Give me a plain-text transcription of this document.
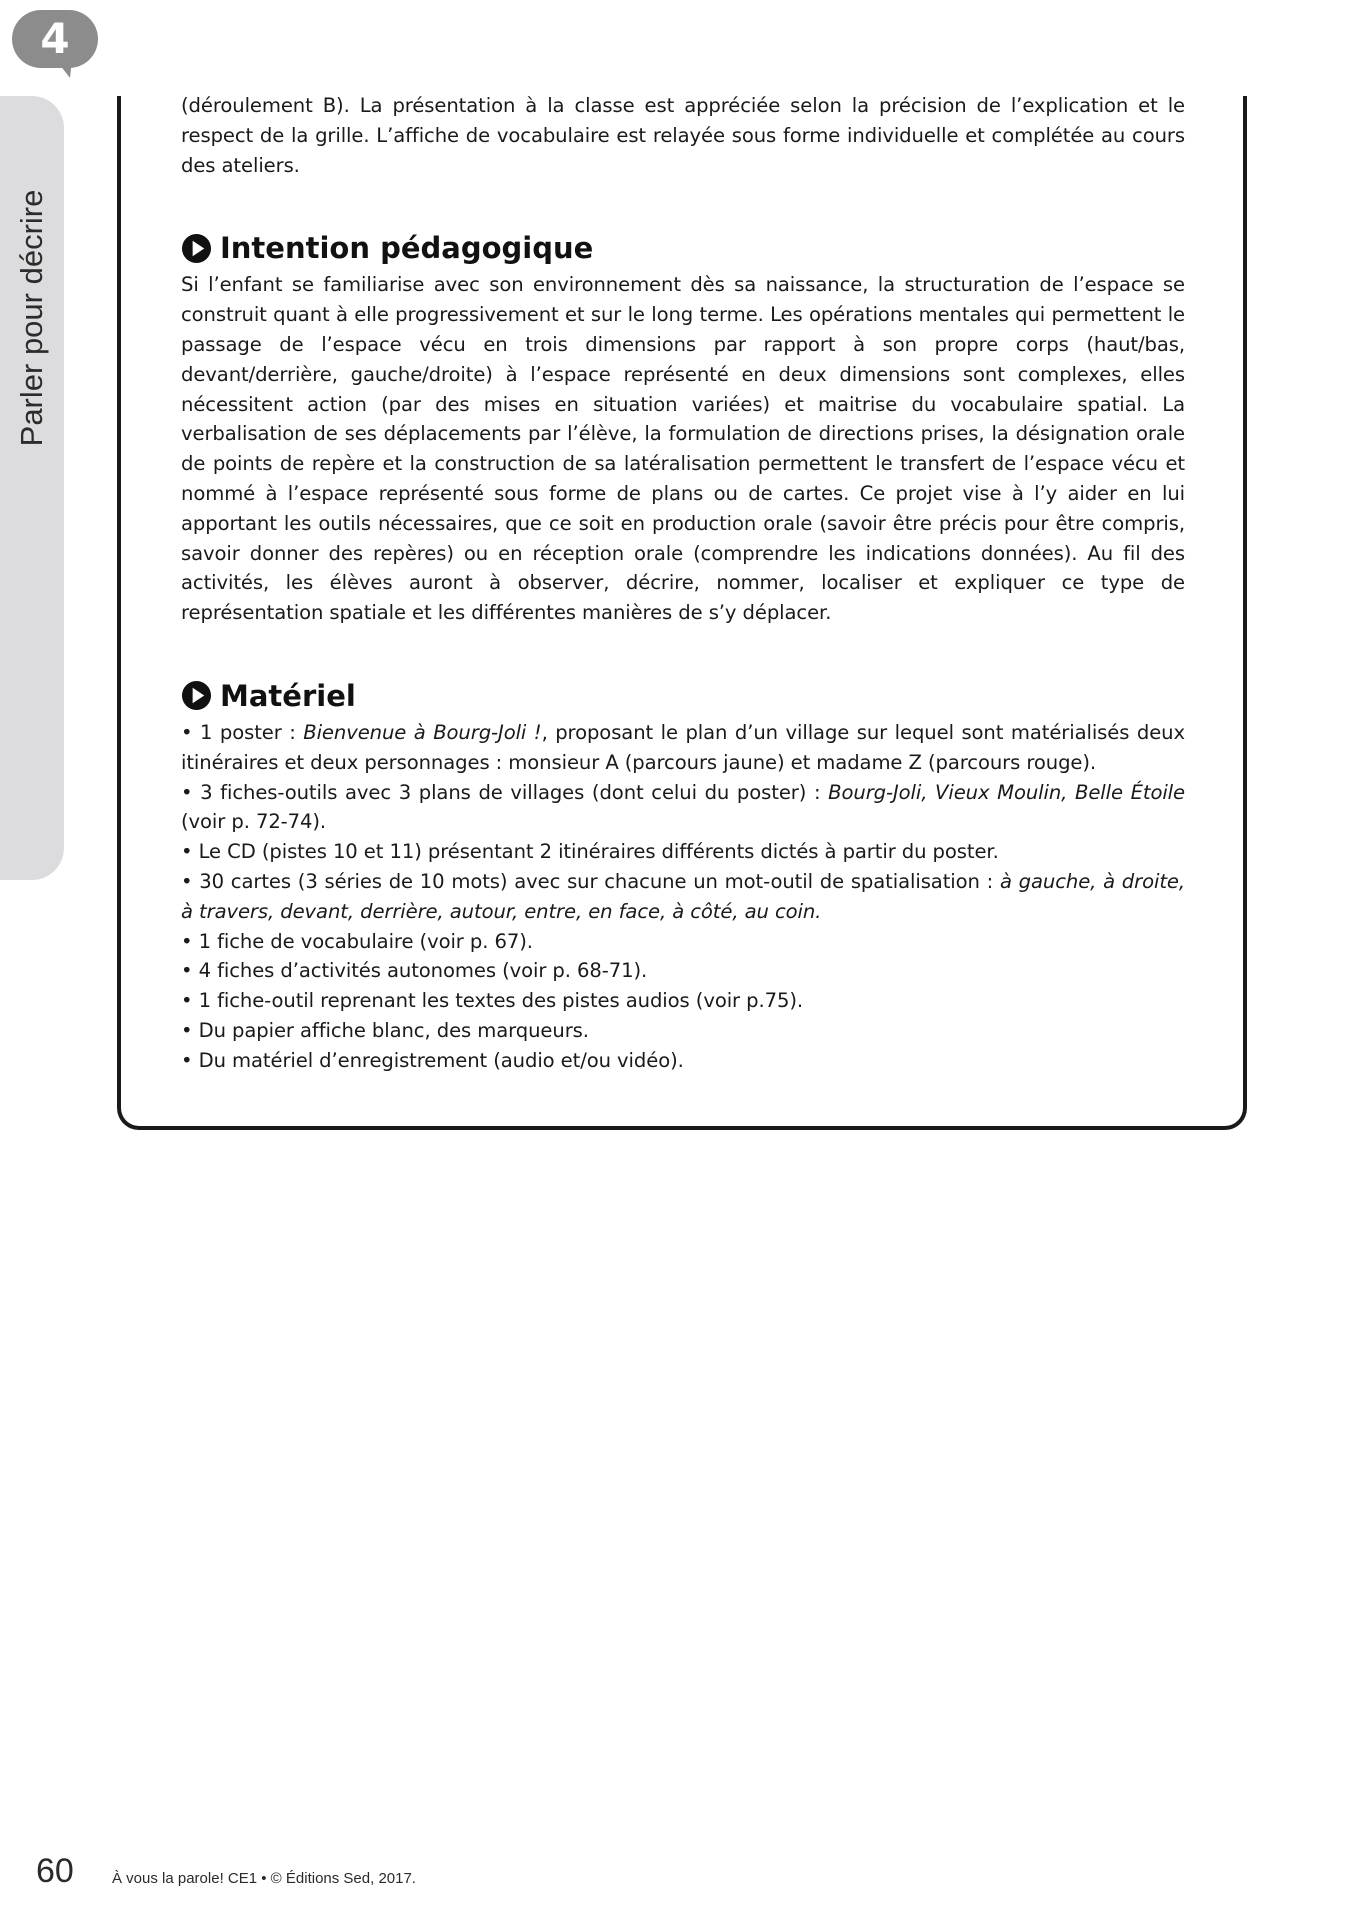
4
Parler pour décrire

(déroulement B). La présentation à la classe est appréciée selon la précision de l’explication et le respect de la grille. L’affiche de vocabulaire est relayée sous forme individuelle et complétée au cours des ateliers.

Intention pédagogique

Si l’enfant se familiarise avec son environnement dès sa naissance, la structuration de l’espace se construit quant à elle progressivement et sur le long terme. Les opérations mentales qui permettent le passage de l’espace vécu en trois dimensions par rapport à son propre corps (haut/bas, devant/derrière, gauche/droite) à l’espace représenté en deux dimensions sont complexes, elles nécessitent action (par des mises en situation variées) et maitrise du vocabulaire spatial. La verbalisation de ses déplacements par l’élève, la formulation de directions prises, la désignation orale de points de repère et la construction de sa latéralisation permettent le transfert de l’espace vécu et nommé à l’espace représenté sous forme de plans ou de cartes. Ce projet vise à l’y aider en lui apportant les outils nécessaires, que ce soit en production orale (savoir être précis pour être compris, savoir donner des repères) ou en réception orale (comprendre les indications données). Au fil des activités, les élèves auront à observer, décrire, nommer, localiser et expliquer ce type de représentation spatiale et les différentes manières de s’y déplacer.

Matériel
• 1 poster : Bienvenue à Bourg-Joli !, proposant le plan d’un village sur lequel sont matérialisés deux itinéraires et deux personnages : monsieur A (parcours jaune) et madame Z (parcours rouge).
• 3 fiches-outils avec 3 plans de villages (dont celui du poster) : Bourg-Joli, Vieux Moulin, Belle Étoile (voir p. 72-74).
• Le CD (pistes 10 et 11) présentant 2 itinéraires différents dictés à partir du poster.
• 30 cartes (3 séries de 10 mots) avec sur chacune un mot-outil de spatialisation : à gauche, à droite, à travers, devant, derrière, autour, entre, en face, à côté, au coin.
• 1 fiche de vocabulaire (voir p. 67).
• 4 fiches d’activités autonomes (voir p. 68-71).
• 1 fiche-outil reprenant les textes des pistes audios (voir p.75).
• Du papier affiche blanc, des marqueurs.
• Du matériel d’enregistrement (audio et/ou vidéo).
60	À vous la parole! CE1 • © Éditions Sed, 2017.
